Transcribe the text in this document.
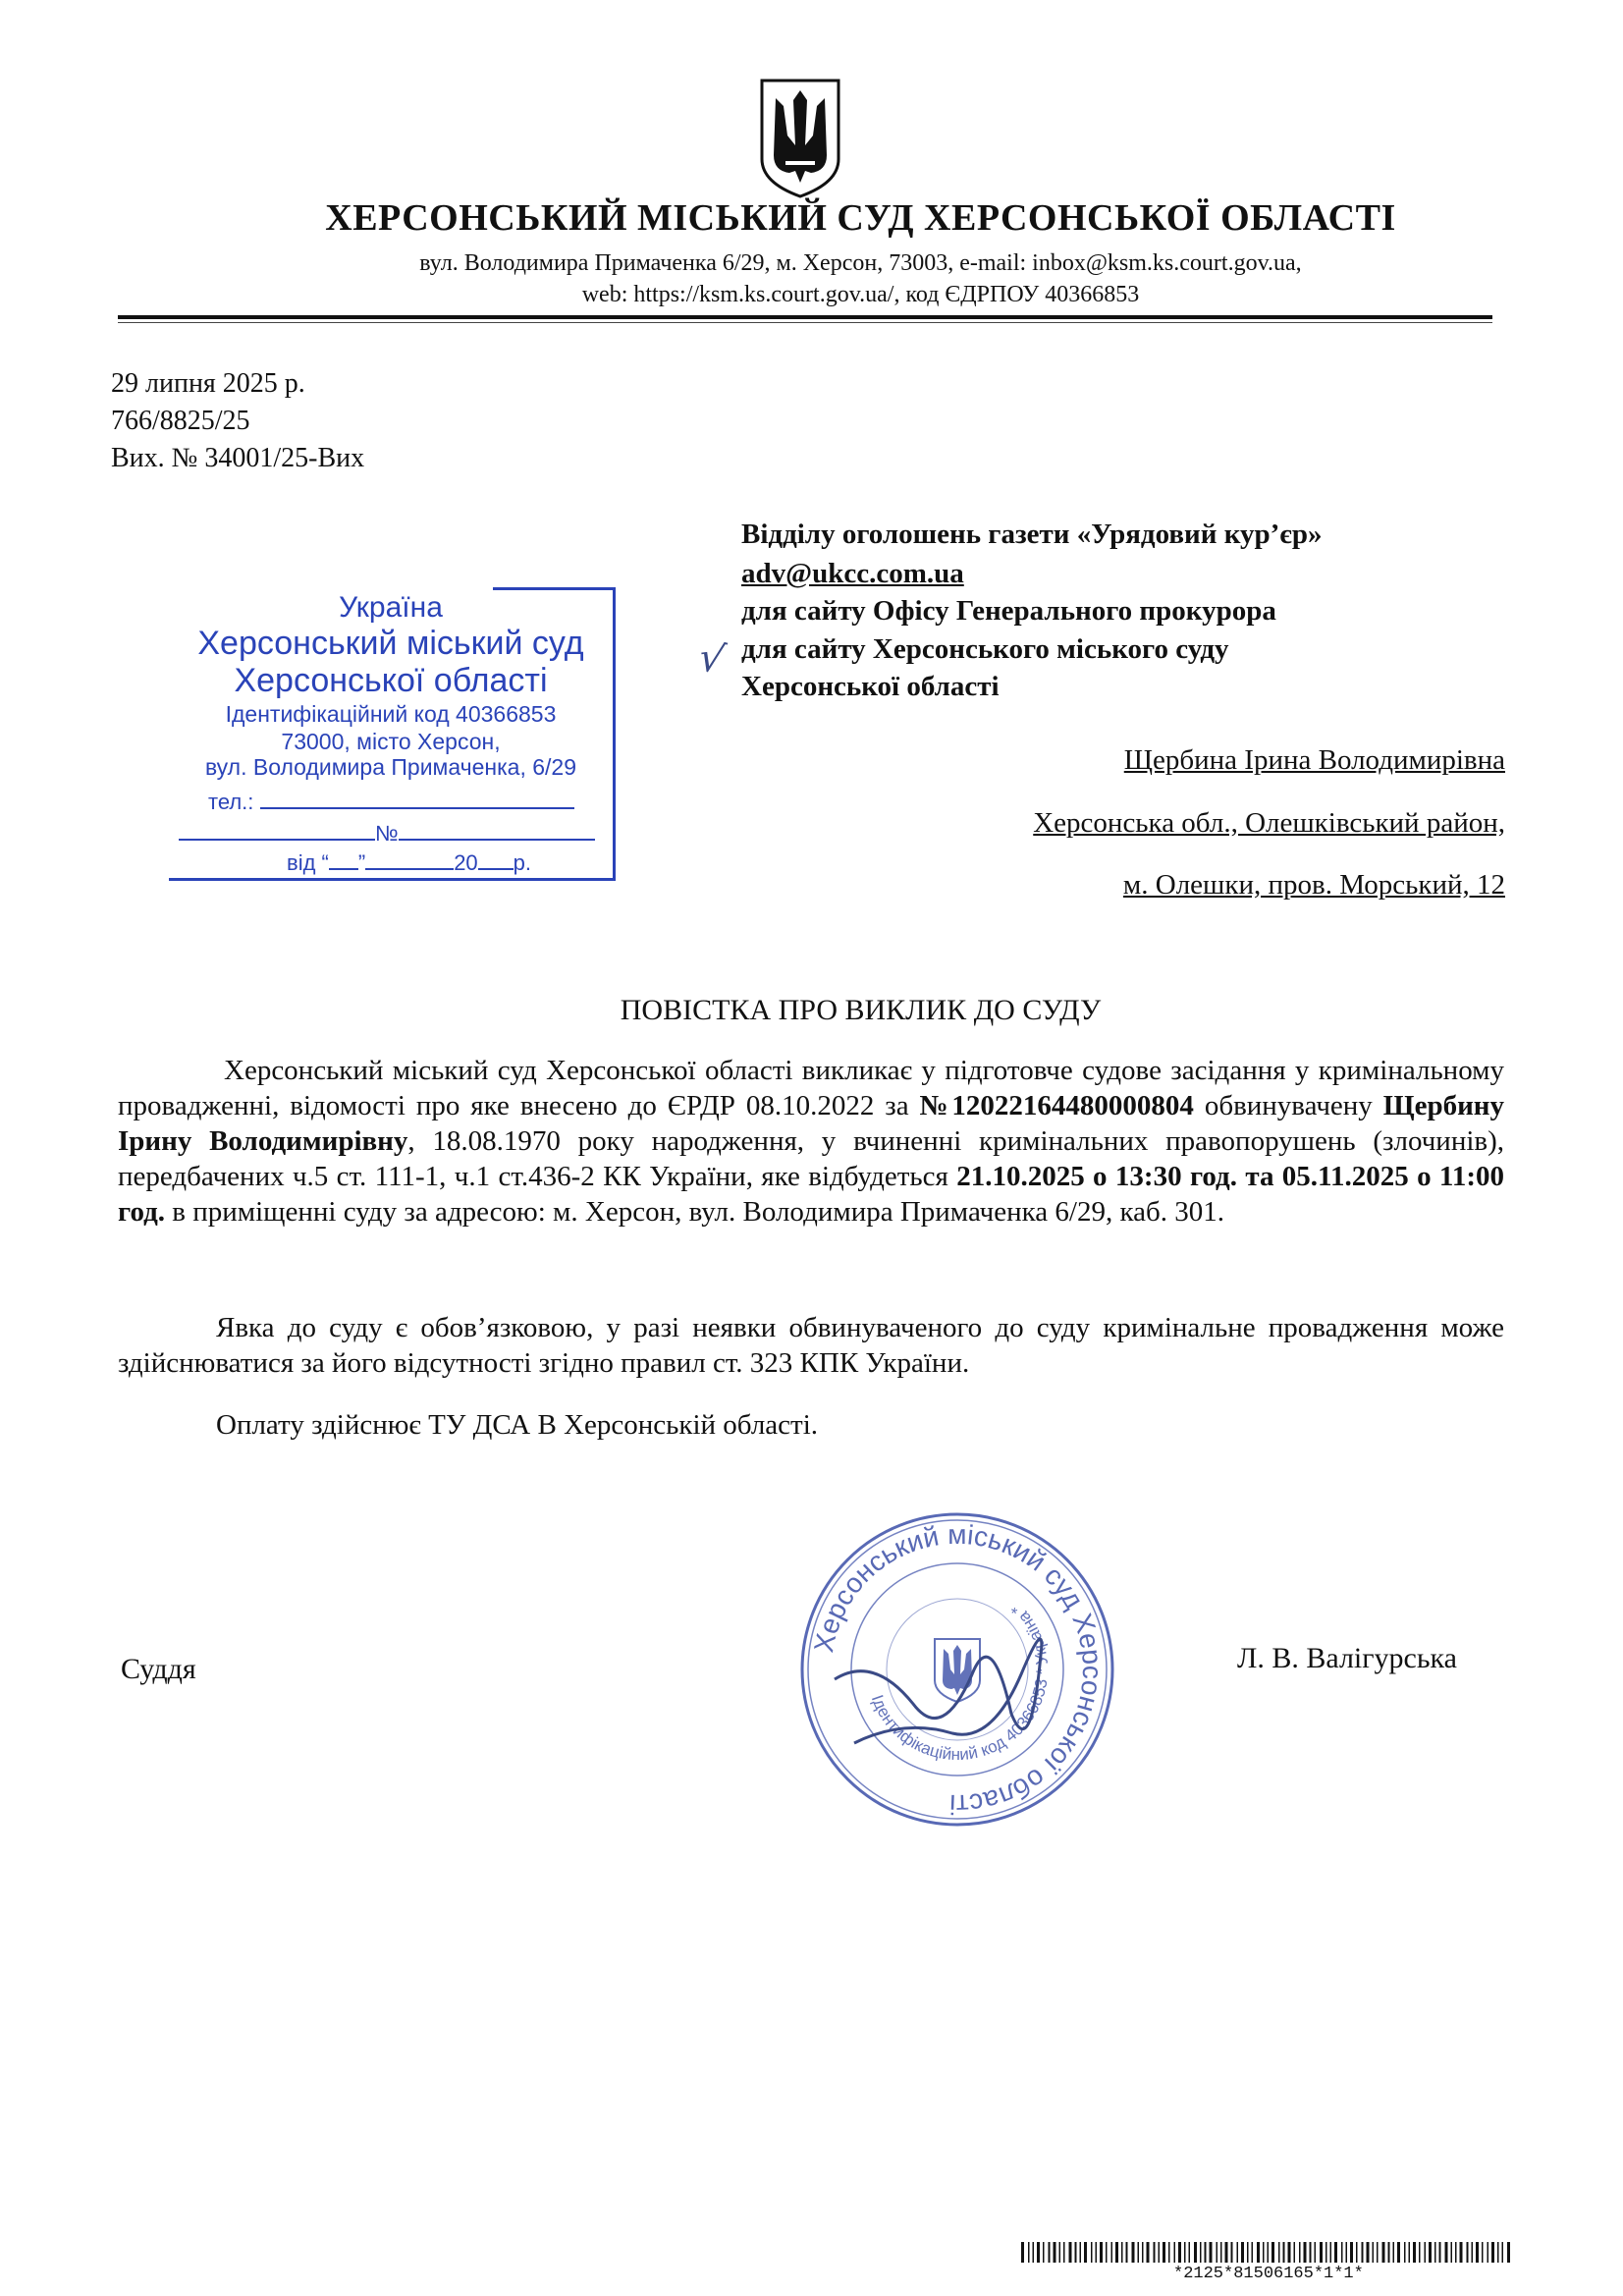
ХЕРСОНСЬКИЙ МІСЬКИЙ СУД ХЕРСОНСЬКОЇ ОБЛАСТІ
вул. Володимира Примаченка 6/29, м. Херсон, 73003, e-mail: inbox@ksm.ks.court.gov.ua,
web: https://ksm.ks.court.gov.ua/, код ЄДРПОУ 40366853
29 липня 2025 р.
766/8825/25
Вих. № 34001/25-Вих
Відділу оголошень газети «Урядовий кур’єр»
adv@ukcc.com.ua
для сайту Офісу Генерального прокурора
√ для сайту Херсонського міського суду
Херсонської області
Щербина Ірина Володимирівна
Херсонська обл., Олешківський район,
м. Олешки, пров. Морський, 12
Україна
Херсонський міський суд
Херсонської області
Ідентифікаційний код 40366853
73000, місто Херсон,
вул. Володимира Примаченка, 6/29
тел.:
№
від “ ”	20 р.
ПОВІСТКА ПРО ВИКЛИК ДО СУДУ
Херсонський міський суд Херсонської області викликає у підготовче судове засідання у кримінальному провадженні, відомості про яке внесено до ЄРДР 08.10.2022 за №12022164480000804 обвинувачену Щербину Ірину Володимирівну, 18.08.1970 року народження, у вчиненні кримінальних правопорушень (злочинів), передбачених ч.5 ст. 111-1, ч.1 ст.436-2 КК України, яке відбудеться 21.10.2025 о 13:30 год. та 05.11.2025 о 11:00 год. в приміщенні суду за адресою: м. Херсон, вул. Володимира Примаченка 6/29, каб. 301.
Явка до суду є обов’язковою, у разі неявки обвинуваченого до суду кримінальне провадження може здійснюватися за його відсутності згідно правил ст. 323 КПК України.
Оплату здійснює ТУ ДСА В Херсонській області.
Суддя
Херсонський міський суд Херсонської області
Ідентифікаційний код 40366853 * Україна *
Л. В. Валігурська
*2125*81506165*1*1*
